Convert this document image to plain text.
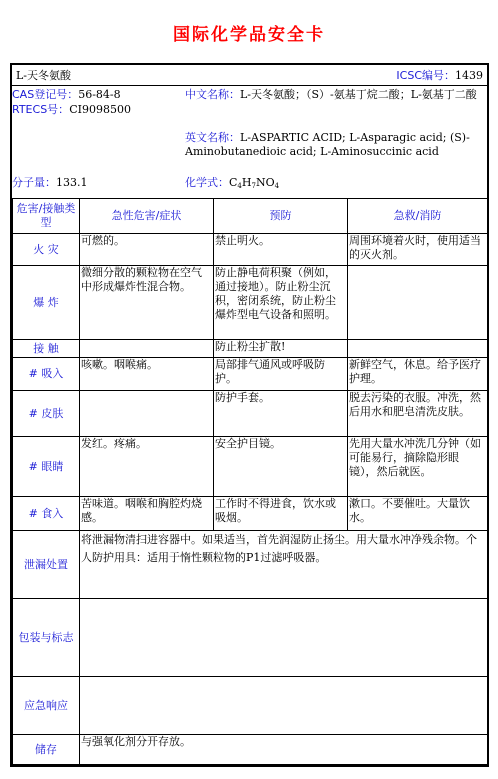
国际化学品安全卡
L-天冬氨酸	ICSC编号：1439
CAS登记号：56-84-8
RTECS号：CI9098500
分子量：133.1
中文名称：L-天冬氨酸；（S）-氨基丁烷二酸；L-氨基丁二酸
英文名称：L-ASPARTIC ACID; L-Asparagic acid; (S)-Aminobutanedioic acid; L-Aminosuccinic acid
化学式：$C_4H_7NO_4$
危害/接触类型	急性危害/症状	预防	急救/消防
火 灾	可燃的。	禁止明火。	周围环境着火时，使用适当的灭火剂。
爆 炸	微细分散的颗粒物在空气中形成爆炸性混合物。	防止静电荷积聚（例如，通过接地）。防止粉尘沉积，密闭系统，防止粉尘爆炸型电气设备和照明。	
接 触		防止粉尘扩散!	
# 吸入	咳嗽。咽喉痛。	局部排气通风或呼吸防护。	新鲜空气，休息。给予医疗护理。
# 皮肤		防护手套。	脱去污染的衣服。冲洗，然后用水和肥皂清洗皮肤。
# 眼睛	发红。疼痛。	安全护目镜。	先用大量水冲洗几分钟（如可能易行，摘除隐形眼镜），然后就医。
# 食入	苦味道。咽喉和胸腔灼烧感。	工作时不得进食，饮水或吸烟。	漱口。不要催吐。大量饮水。
泄漏处置	将泄漏物清扫进容器中。如果适当，首先润湿防止扬尘。用大量水冲净残余物。个人防护用具：适用于惰性颗粒物的P1过滤呼吸器。		
包装与标志			
应急响应			
储存	与强氧化剂分开存放。		
